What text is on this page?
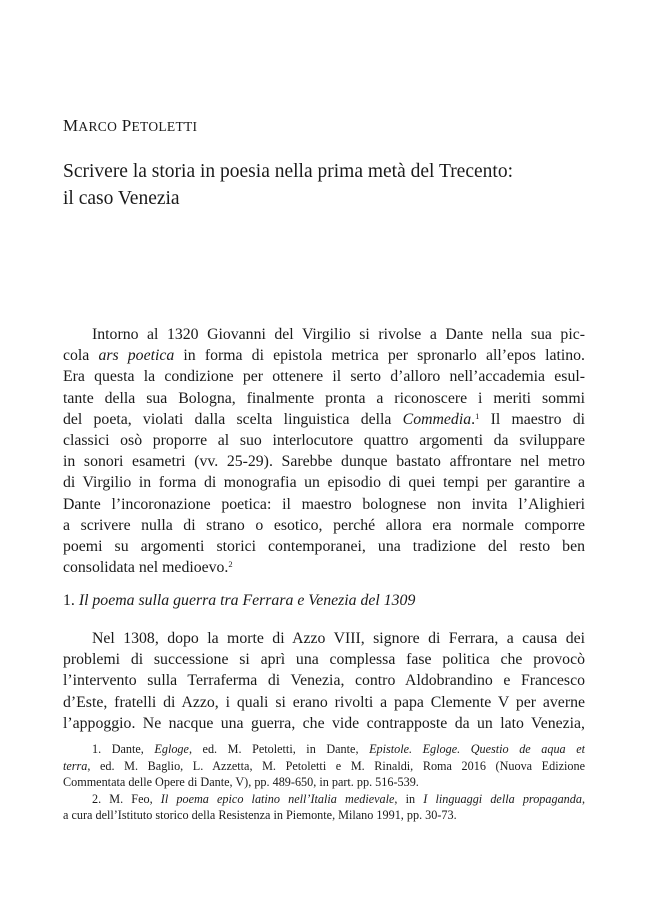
MARCO PETOLETTI

Scrivere la storia in poesia nella prima metà del Trecento:
il caso Venezia
Intorno al 1320 Giovanni del Virgilio si rivolse a Dante nella sua pic-
cola ars poetica in forma di epistola metrica per spronarlo all’epos latino.
Era questa la condizione per ottenere il serto d’alloro nell’accademia esul-
tante della sua Bologna, finalmente pronta a riconoscere i meriti sommi
del poeta, violati dalla scelta linguistica della Commedia.$^1$ Il maestro di
classici osò proporre al suo interlocutore quattro argomenti da sviluppare
in sonori esametri (vv. 25-29). Sarebbe dunque bastato affrontare nel metro
di Virgilio in forma di monografia un episodio di quei tempi per garantire a
Dante l’incoronazione poetica: il maestro bolognese non invita l’Alighieri
a scrivere nulla di strano o esotico, perché allora era normale comporre
poemi su argomenti storici contemporanei, una tradizione del resto ben
consolidata nel medioevo.$^2$
1. Il poema sulla guerra tra Ferrara e Venezia del 1309
Nel 1308, dopo la morte di Azzo VIII, signore di Ferrara, a causa dei
problemi di successione si aprì una complessa fase politica che provocò
l’intervento sulla Terraferma di Venezia, contro Aldobrandino e Francesco
d’Este, fratelli di Azzo, i quali si erano rivolti a papa Clemente V per averne
l’appoggio. Ne nacque una guerra, che vide contrapposte da un lato Venezia,
1. Dante, Egloge, ed. M. Petoletti, in Dante, Epistole. Egloge. Questio de aqua et
terra, ed. M. Baglio, L. Azzetta, M. Petoletti e M. Rinaldi, Roma 2016 (Nuova Edizione
Commentata delle Opere di Dante, V), pp. 489-650, in part. pp. 516-539.
2. M. Feo, Il poema epico latino nell’Italia medievale, in I linguaggi della propaganda,
a cura dell’Istituto storico della Resistenza in Piemonte, Milano 1991, pp. 30-73.
